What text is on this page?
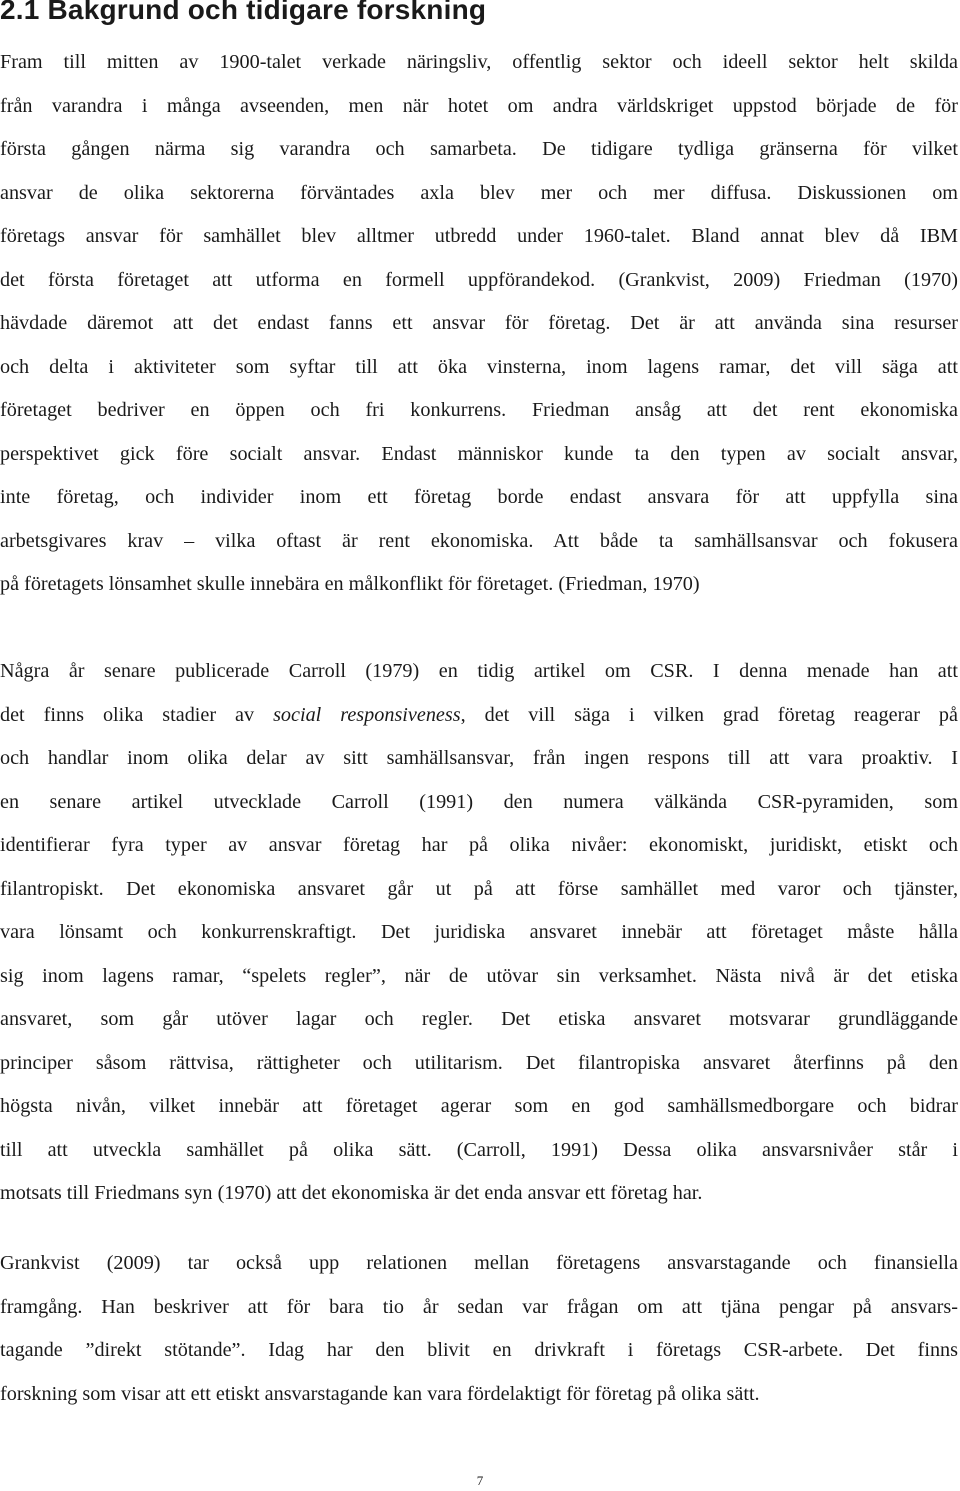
2.1 Bakgrund och tidigare forskning
Fram till mitten av 1900-talet verkade näringsliv, offentlig sektor och ideell sektor helt skilda
från varandra i många avseenden, men när hotet om andra världskriget uppstod började de för
första gången närma sig varandra och samarbeta. De tidigare tydliga gränserna för vilket
ansvar de olika sektorerna förväntades axla blev mer och mer diffusa. Diskussionen om
företags ansvar för samhället blev alltmer utbredd under 1960-talet. Bland annat blev då IBM
det första företaget att utforma en formell uppförandekod. (Grankvist, 2009) Friedman (1970)
hävdade däremot att det endast fanns ett ansvar för företag. Det är att använda sina resurser
och delta i aktiviteter som syftar till att öka vinsterna, inom lagens ramar, det vill säga att
företaget bedriver en öppen och fri konkurrens. Friedman ansåg att det rent ekonomiska
perspektivet gick före socialt ansvar. Endast människor kunde ta den typen av socialt ansvar,
inte företag, och individer inom ett företag borde endast ansvara för att uppfylla sina
arbetsgivares krav – vilka oftast är rent ekonomiska. Att både ta samhällsansvar och fokusera
på företagets lönsamhet skulle innebära en målkonflikt för företaget. (Friedman, 1970)
Några år senare publicerade Carroll (1979) en tidig artikel om CSR. I denna menade han att
det finns olika stadier av social responsiveness, det vill säga i vilken grad företag reagerar på
och handlar inom olika delar av sitt samhällsansvar, från ingen respons till att vara proaktiv. I
en senare artikel utvecklade Carroll (1991) den numera välkända CSR-pyramiden, som
identifierar fyra typer av ansvar företag har på olika nivåer: ekonomiskt, juridiskt, etiskt och
filantropiskt. Det ekonomiska ansvaret går ut på att förse samhället med varor och tjänster,
vara lönsamt och konkurrenskraftigt. Det juridiska ansvaret innebär att företaget måste hålla
sig inom lagens ramar, “spelets regler”, när de utövar sin verksamhet. Nästa nivå är det etiska
ansvaret, som går utöver lagar och regler. Det etiska ansvaret motsvarar grundläggande
principer såsom rättvisa, rättigheter och utilitarism. Det filantropiska ansvaret återfinns på den
högsta nivån, vilket innebär att företaget agerar som en god samhällsmedborgare och bidrar
till att utveckla samhället på olika sätt. (Carroll, 1991) Dessa olika ansvarsnivåer står i
motsats till Friedmans syn (1970) att det ekonomiska är det enda ansvar ett företag har.
Grankvist (2009) tar också upp relationen mellan företagens ansvarstagande och finansiella
framgång. Han beskriver att för bara tio år sedan var frågan om att tjäna pengar på ansvars-
tagande ”direkt stötande”. Idag har den blivit en drivkraft i företags CSR-arbete. Det finns
forskning som visar att ett etiskt ansvarstagande kan vara fördelaktigt för företag på olika sätt.
7
